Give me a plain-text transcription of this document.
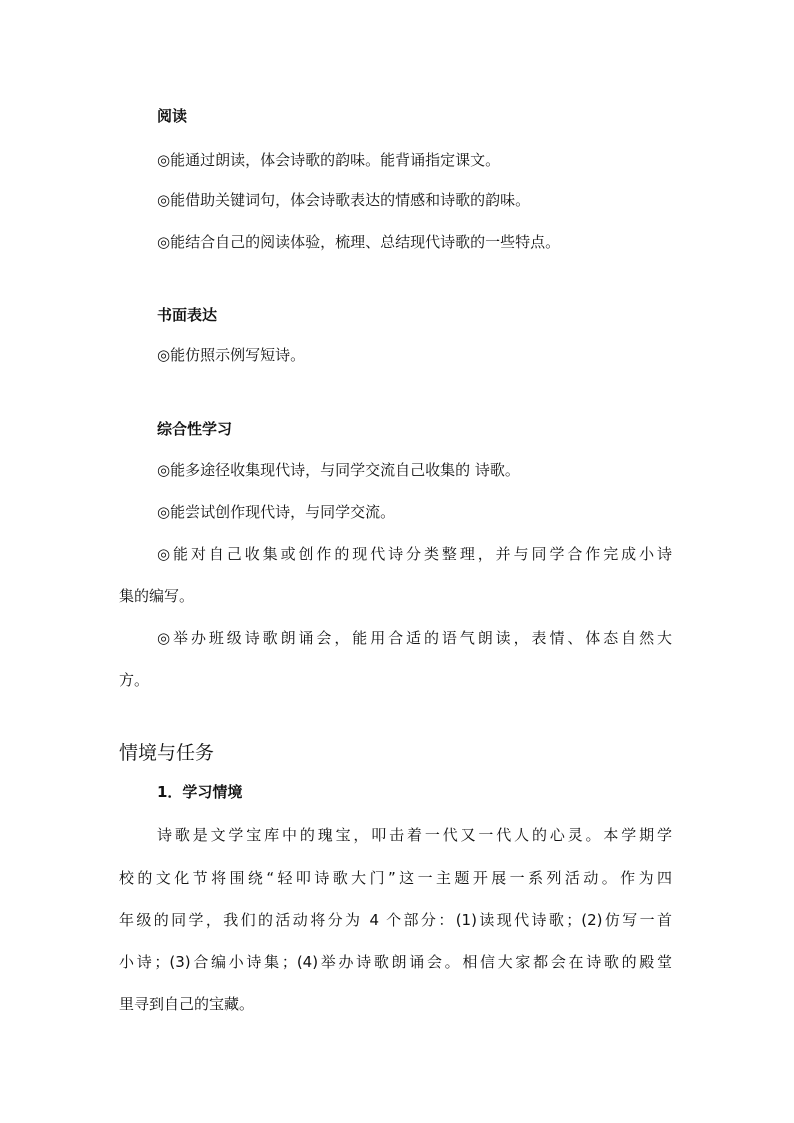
阅读
◎能通过朗读，体会诗歌的韵味。能背诵指定课文。
◎能借助关键词句，体会诗歌表达的情感和诗歌的韵味。
◎能结合自己的阅读体验，梳理、总结现代诗歌的一些特点。
书面表达
◎能仿照示例写短诗。
综合性学习
◎能多途径收集现代诗，与同学交流自己收集的 诗歌。
◎能尝试创作现代诗，与同学交流。
◎能对自己收集或创作的现代诗分类整理，并与同学合作完成小诗
集的编写。
◎举办班级诗歌朗诵会，能用合适的语气朗读，表情、体态自然大
方。
情境与任务
1．学习情境
诗歌是文学宝库中的瑰宝，叩击着一代又一代人的心灵。本学期学
校的文化节将围绕“轻叩诗歌大门”这一主题开展一系列活动。作为四
年级的同学，我们的活动将分为 4 个部分：(1)读现代诗歌；(2)仿写一首
小诗；(3)合编小诗集；(4)举办诗歌朗诵会。相信大家都会在诗歌的殿堂
里寻到自己的宝藏。
